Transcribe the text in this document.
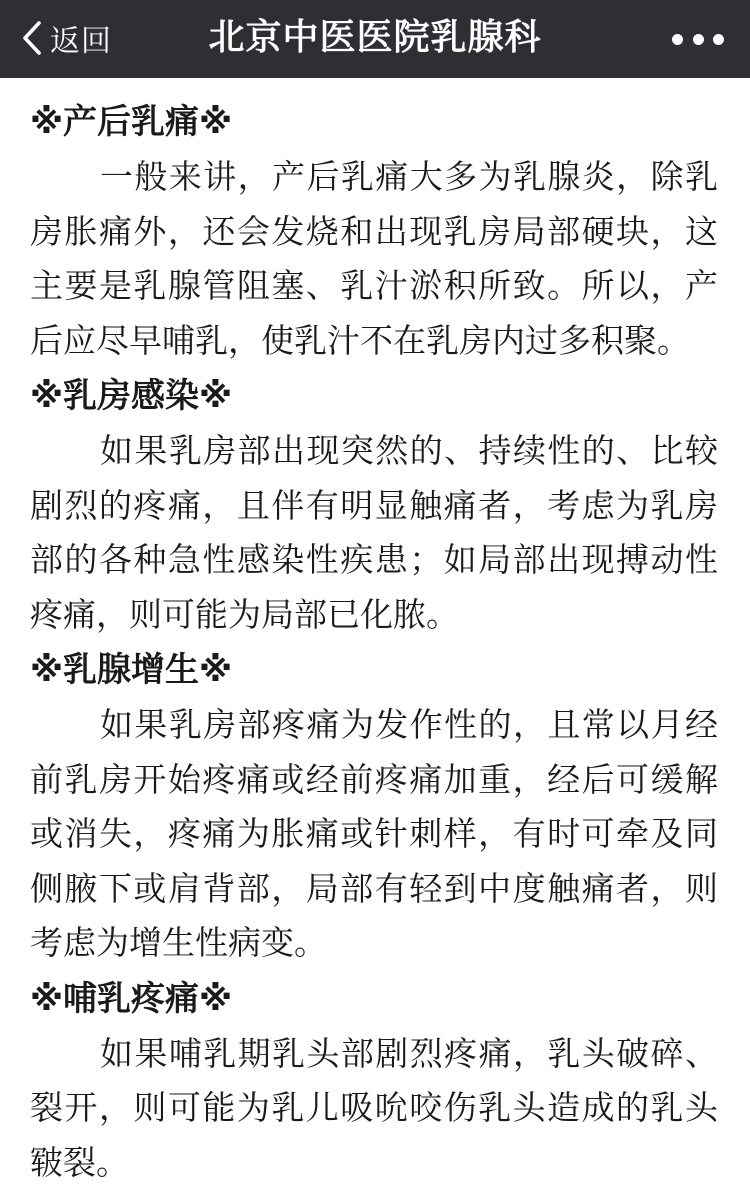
返回	北京中医医院乳腺科

※产后乳痛※

一般来讲，产后乳痛大多为乳腺炎，除乳房胀痛外，还会发烧和出现乳房局部硬块，这主要是乳腺管阻塞、乳汁淤积所致。所以，产后应尽早哺乳，使乳汁不在乳房内过多积聚。

※乳房感染※

如果乳房部出现突然的、持续性的、比较剧烈的疼痛，且伴有明显触痛者，考虑为乳房部的各种急性感染性疾患；如局部出现搏动性疼痛，则可能为局部已化脓。

※乳腺增生※

如果乳房部疼痛为发作性的，且常以月经前乳房开始疼痛或经前疼痛加重，经后可缓解或消失，疼痛为胀痛或针刺样，有时可牵及同侧腋下或肩背部，局部有轻到中度触痛者，则考虑为增生性病变。

※哺乳疼痛※

如果哺乳期乳头部剧烈疼痛，乳头破碎、裂开，则可能为乳儿吸吮咬伤乳头造成的乳头皲裂。
